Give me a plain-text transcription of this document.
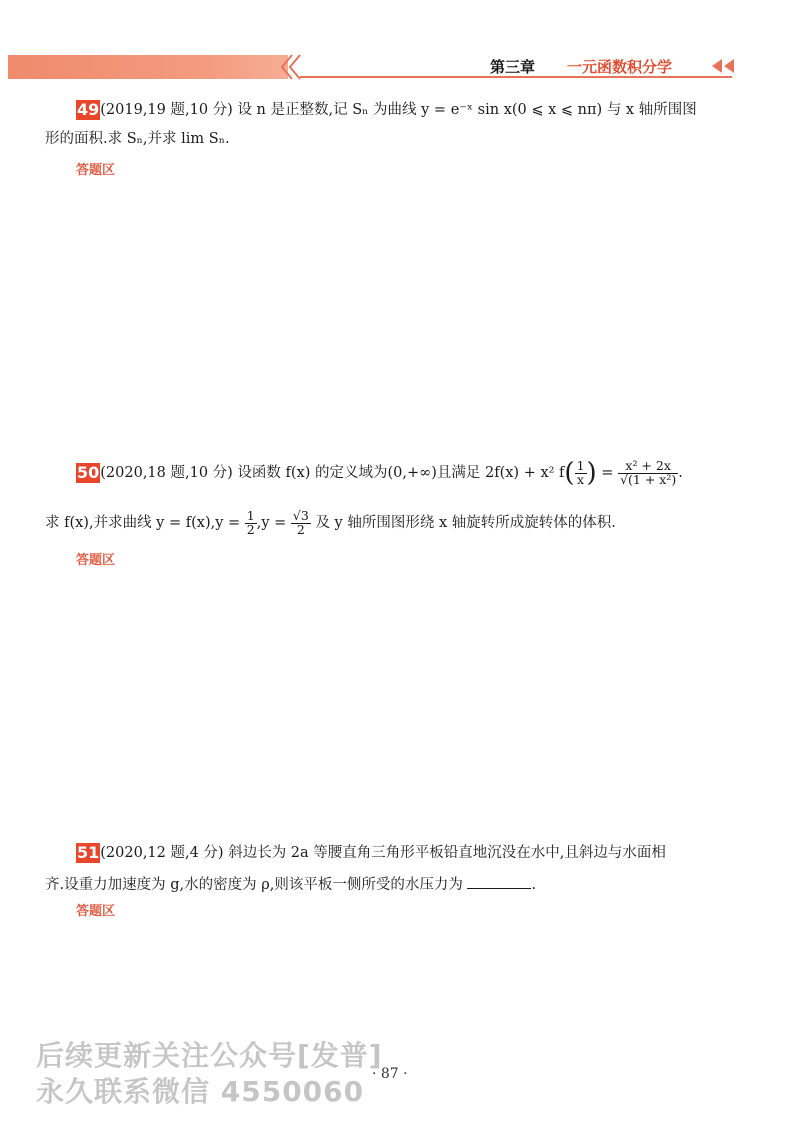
第三章 一元函数积分学
49(2019,19 题,10 分) 设 n 是正整数,记 Sₙ 为曲线 y = e⁻ˣ sin x(0 ⩽ x ⩽ nπ) 与 x 轴所围图
形的面积.求 Sₙ,并求 lim Sₙ.
答题区
50(2020,18 题,10 分) 设函数 f(x) 的定义域为(0,+∞)且满足 2f(x) + x² $f( \frac{1}{x}$ ) = $\frac{\text{x² + 2x}}{\text{√(1 + x²)}}$ .
求 f(x),并求曲线 $y = f(x),y = \frac{1}{2} ,y = \frac{√3}{2}$ 及 y 轴所围图形绕 x 轴旋转所成旋转体的体积.
答题区
51(2020,12 题,4 分) 斜边长为 2a 等腰直角三角形平板铅直地沉没在水中,且斜边与水面相
齐.设重力加速度为 g,水的密度为 ρ,则该平板一侧所受的水压力为	.
答题区
· 87 ·
后续更新关注公众号[发普]
永久联系微信 4550060
